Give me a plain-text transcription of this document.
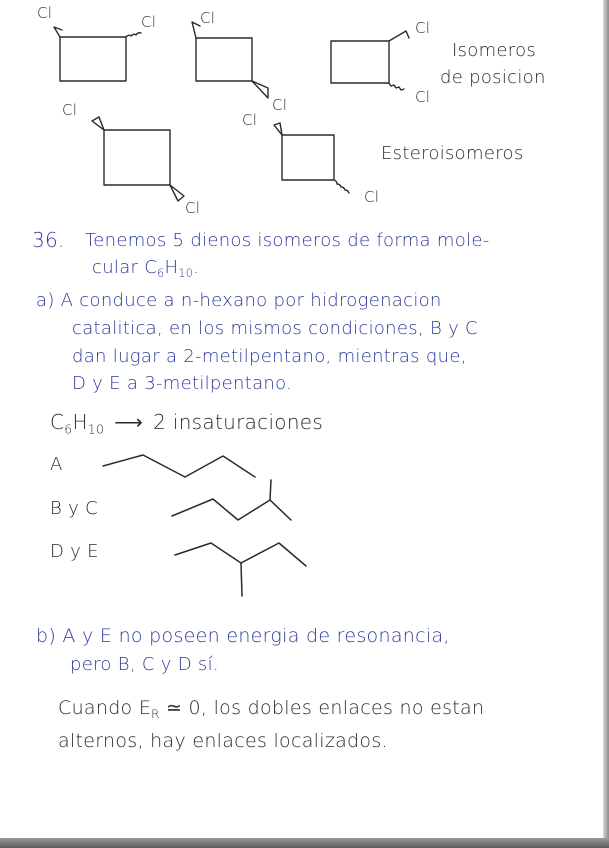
Cl	Cl	Cl
Cl
Cl
Cl
Cl
Cl
Cl
Cl
Isomeros
de posicion
Esteroisomeros
36. Tenemos 5 dienos isomeros de forma mole-
cular $C_6H_{10}$.
a) A conduce a n-hexano por hidrogenacion
catalitica, en los mismos condiciones, B y C
dan lugar a 2-metilpentano, mientras que,
D y E a 3-metilpentano.
$C_6H_{10}$ ⟶ 2 insaturaciones
A
B y C
D y E
b) A y E no poseen energia de resonancia,
pero B, C y D sí.
Cuando $E_R$ ≃ 0, los dobles enlaces no estan
alternos, hay enlaces localizados.
